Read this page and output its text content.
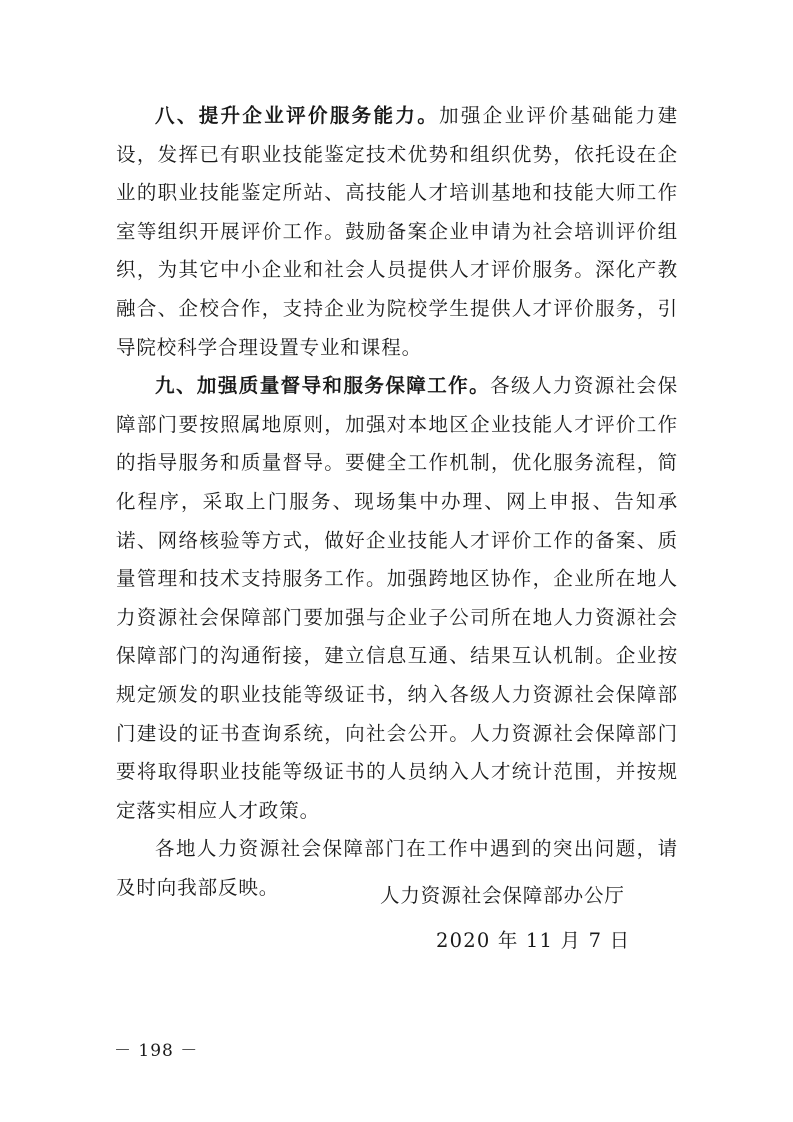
八、提升企业评价服务能力。加强企业评价基础能力建设，发挥已有职业技能鉴定技术优势和组织优势，依托设在企业的职业技能鉴定所站、高技能人才培训基地和技能大师工作室等组织开展评价工作。鼓励备案企业申请为社会培训评价组织，为其它中小企业和社会人员提供人才评价服务。深化产教融合、企校合作，支持企业为院校学生提供人才评价服务，引导院校科学合理设置专业和课程。

九、加强质量督导和服务保障工作。各级人力资源社会保障部门要按照属地原则，加强对本地区企业技能人才评价工作的指导服务和质量督导。要健全工作机制，优化服务流程，简化程序，采取上门服务、现场集中办理、网上申报、告知承诺、网络核验等方式，做好企业技能人才评价工作的备案、质量管理和技术支持服务工作。加强跨地区协作，企业所在地人力资源社会保障部门要加强与企业子公司所在地人力资源社会保障部门的沟通衔接，建立信息互通、结果互认机制。企业按规定颁发的职业技能等级证书，纳入各级人力资源社会保障部门建设的证书查询系统，向社会公开。人力资源社会保障部门要将取得职业技能等级证书的人员纳入人才统计范围，并按规定落实相应人才政策。

各地人力资源社会保障部门在工作中遇到的突出问题，请及时向我部反映。	人力资源社会保障部办公厅
2020 年 11 月 7 日
－ 198 －
